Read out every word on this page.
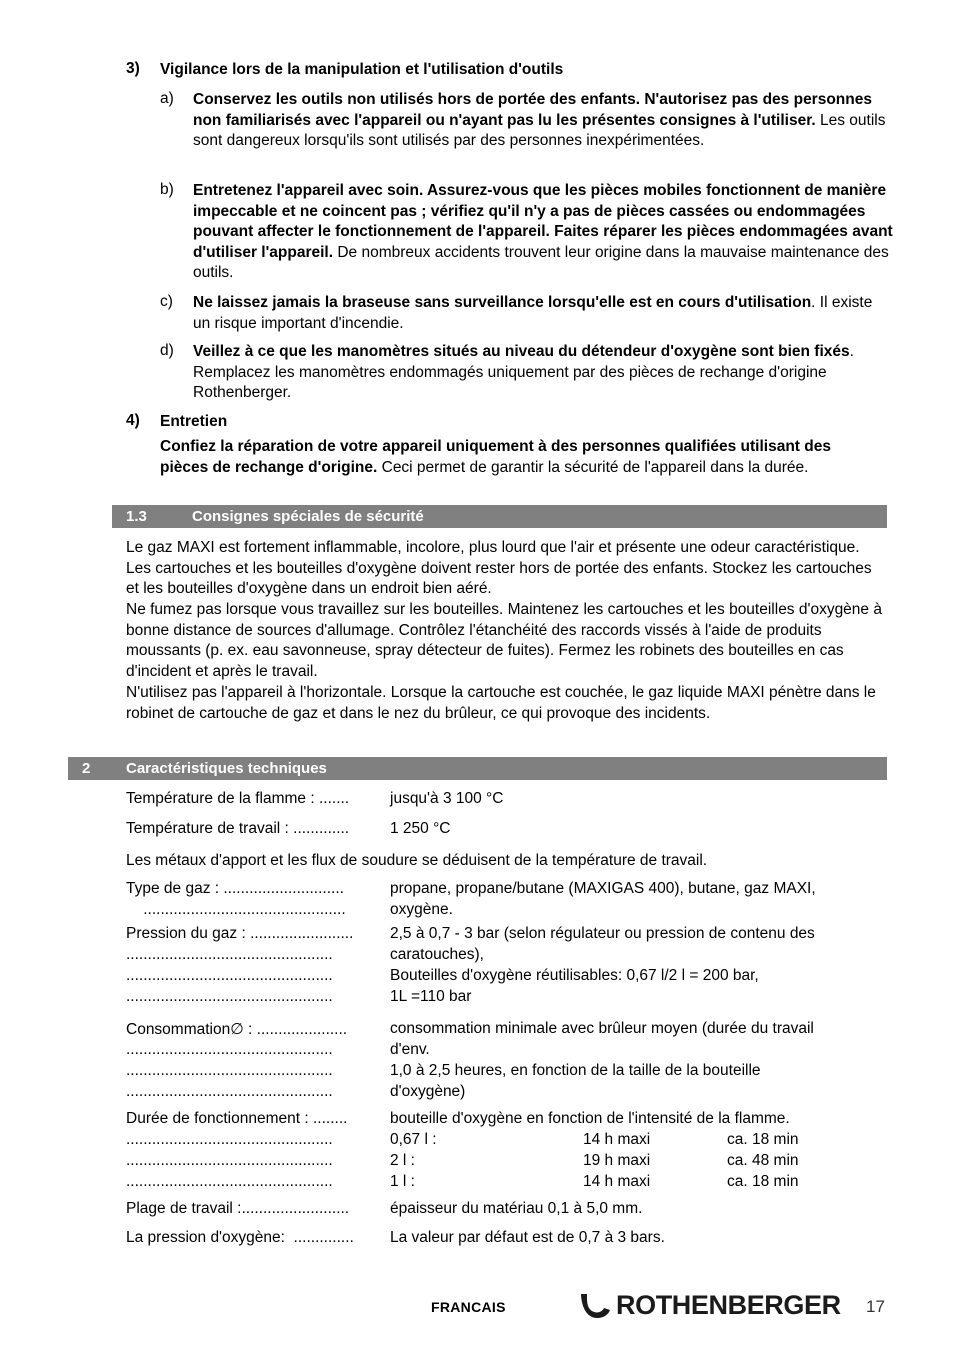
3) Vigilance lors de la manipulation et l'utilisation d'outils
a) Conservez les outils non utilisés hors de portée des enfants. N'autorisez pas des personnes non familiarisés avec l'appareil ou n'ayant pas lu les présentes consignes à l'utiliser. Les outils sont dangereux lorsqu'ils sont utilisés par des personnes inexpérimentées.
b) Entretenez l'appareil avec soin. Assurez-vous que les pièces mobiles fonctionnent de manière impeccable et ne coincent pas ; vérifiez qu'il n'y a pas de pièces cassées ou endommagées pouvant affecter le fonctionnement de l'appareil. Faites réparer les pièces endommagées avant d'utiliser l'appareil. De nombreux accidents trouvent leur origine dans la mauvaise maintenance des outils.
c) Ne laissez jamais la braseuse sans surveillance lorsqu'elle est en cours d'utilisation. Il existe un risque important d'incendie.
d) Veillez à ce que les manomètres situés au niveau du détendeur d'oxygène sont bien fixés. Remplacez les manomètres endommagés uniquement par des pièces de rechange d'origine Rothenberger.
4) Entretien
Confiez la réparation de votre appareil uniquement à des personnes qualifiées utilisant des pièces de rechange d'origine. Ceci permet de garantir la sécurité de l'appareil dans la durée.
1.3	Consignes spéciales de sécurité
Le gaz MAXI est fortement inflammable, incolore, plus lourd que l'air et présente une odeur caractéristique. Les cartouches et les bouteilles d'oxygène doivent rester hors de portée des enfants. Stockez les cartouches et les bouteilles d'oxygène dans un endroit bien aéré.
Ne fumez pas lorsque vous travaillez sur les bouteilles. Maintenez les cartouches et les bouteilles d'oxygène à bonne distance de sources d'allumage. Contrôlez l'étanchéité des raccords vissés à l'aide de produits moussants (p. ex. eau savonneuse, spray détecteur de fuites). Fermez les robinets des bouteilles en cas d'incident et après le travail.
N'utilisez pas l'appareil à l'horizontale. Lorsque la cartouche est couchée, le gaz liquide MAXI pénètre dans le robinet de cartouche de gaz et dans le nez du brûleur, ce qui provoque des incidents.
2 Caractéristiques techniques
Température de la flamme : .......	jusqu'à 3 100 °C
Température de travail : .............	1 250 °C
Les métaux d'apport et les flux de soudure se déduisent de la température de travail.
Type de gaz : ............................	propane, propane/butane (MAXIGAS 400), butane, gaz MAXI,
...............................................	oxygène.
Pression du gaz : ........................ 2,5 à 0,7 - 3 bar (selon régulateur ou pression de contenu des
................................................	caratouches),
................................................	Bouteilles d'oxygène réutilisables: 0,67 l/2 l = 200 bar,
................................................	1L =110 bar
Consommation∅ : .....................	consommation minimale avec brûleur moyen (durée du travail
................................................	d'env.
................................................	1,0 à 2,5 heures, en fonction de la taille de la bouteille
................................................	d'oxygène)
Durée de fonctionnement : ........	bouteille d'oxygène en fonction de l'intensité de la flamme.
................................................	0,67 l :	14 h maxi	ca. 18 min
................................................	2 l :	19 h maxi	ca. 48 min
................................................	1 l :	14 h maxi	ca. 18 min
Plage de travail :.........................	épaisseur du matériau 0,1 à 5,0 mm.
La pression d'oxygène:  .............. La valeur par défaut est de 0,7 à 3 bars.
FRANCAIS	ROTHENBERGER 17
